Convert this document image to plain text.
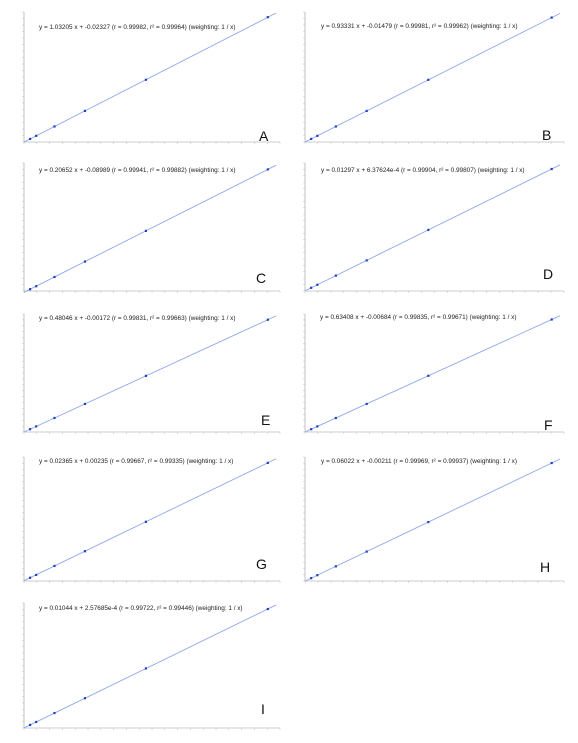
y = 1.03205 x + -0.02327 (r = 0.99982, r² = 0.99964) (weighting: 1 / x)
A
y = 0.93331 x + -0.01479 (r = 0.99981, r² = 0.99962) (weighting: 1 / x)
B
y = 0.20652 x + -0.08989 (r = 0.99941, r² = 0.99882) (weighting: 1 / x)
C
y = 0.01297 x + 6.37624e-4 (r = 0.99904, r² = 0.99807) (weighting: 1 / x)
D
y = 0.48046 x + -0.00172 (r = 0.99831, r² = 0.99663) (weighting: 1 / x)
E
y = 0.63408 x + -0.00684 (r = 0.99835, r² = 0.99671) (weighting: 1 / x)
F
y = 0.02365 x + 0.00235 (r = 0.99667, r² = 0.99335) (weighting: 1 / x)
G
y = 0.06022 x + -0.00211 (r = 0.99969, r² = 0.99937) (weighting: 1 / x)
H
y = 0.01044 x + 2.57685e-4 (r = 0.99722, r² = 0.99446) (weighting: 1 / x)
I
